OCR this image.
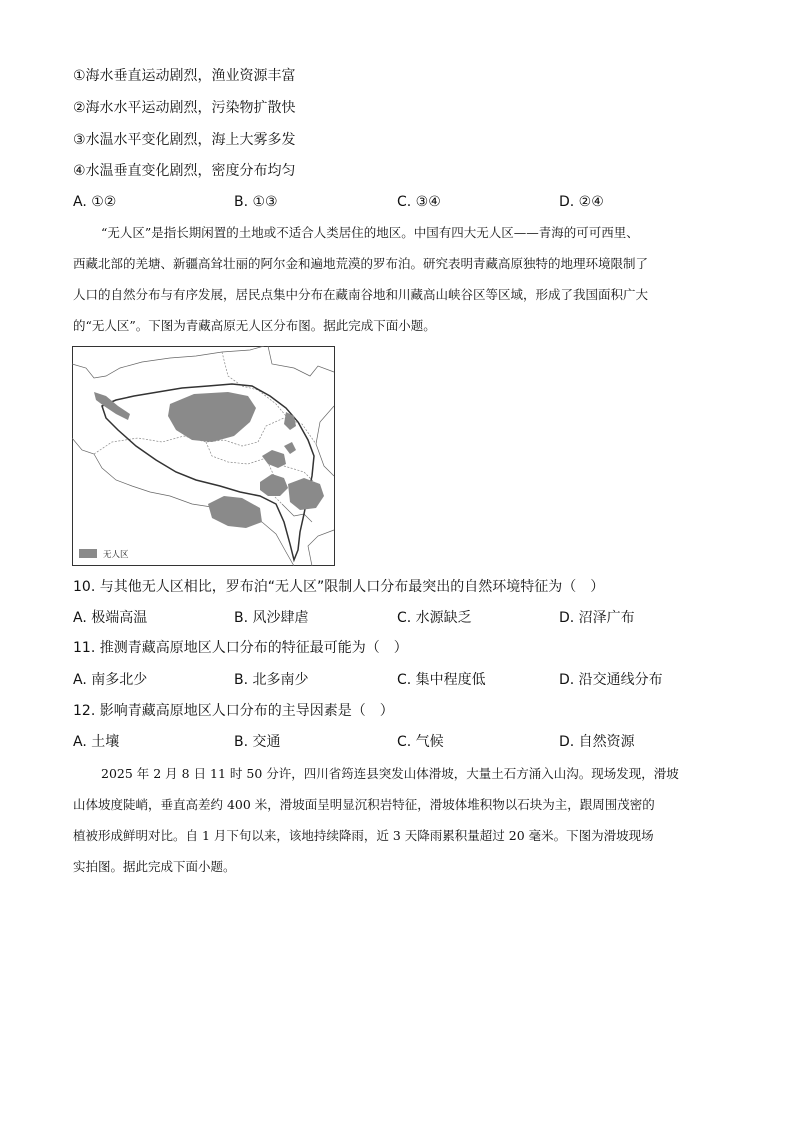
①海水垂直运动剧烈，渔业资源丰富
②海水水平运动剧烈，污染物扩散快
③水温水平变化剧烈，海上大雾多发
④水温垂直变化剧烈，密度分布均匀
A. ①②	B. ①③	C. ③④	D. ②④
“无人区”是指长期闲置的土地或不适合人类居住的地区。中国有四大无人区——青海的可可西里、
西藏北部的羌塘、新疆高耸壮丽的阿尔金和遍地荒漠的罗布泊。研究表明青藏高原独特的地理环境限制了
人口的自然分布与有序发展，居民点集中分布在藏南谷地和川藏高山峡谷区等区域，形成了我国面积广大
的“无人区”。下图为青藏高原无人区分布图。据此完成下面小题。
无人区
10. 与其他无人区相比，罗布泊“无人区”限制人口分布最突出的自然环境特征为（　）
A. 极端高温	B. 风沙肆虐	C. 水源缺乏	D. 沼泽广布
11. 推测青藏高原地区人口分布的特征最可能为（　）
A. 南多北少	B. 北多南少	C. 集中程度低	D. 沿交通线分布
12. 影响青藏高原地区人口分布的主导因素是（　）
A. 土壤	B. 交通	C. 气候	D. 自然资源
2025 年 2 月 8 日 11 时 50 分许，四川省筠连县突发山体滑坡，大量土石方涌入山沟。现场发现，滑坡
山体坡度陡峭，垂直高差约 400 米，滑坡面呈明显沉积岩特征，滑坡体堆积物以石块为主，跟周围茂密的
植被形成鲜明对比。自 1 月下旬以来，该地持续降雨，近 3 天降雨累积量超过 20 毫米。下图为滑坡现场
实拍图。据此完成下面小题。
